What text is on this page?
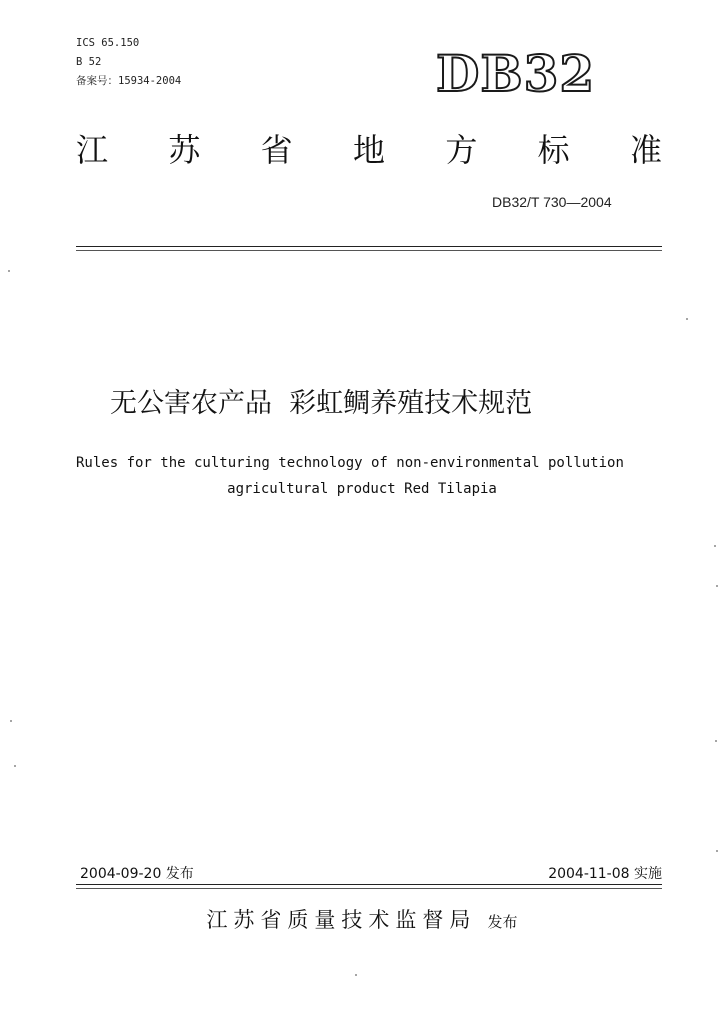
ICS 65.150
B 52
备案号：15934-2004	DB32
江 苏 省 地 方 标 准
DB32/T 730—2004
无公害农产品  彩虹鲷养殖技术规范
Rules for the culturing technology of non-environmental pollution
agricultural product Red Tilapia
2004-09-20 发布	2004-11-08 实施
江苏省质量技术监督局 发布
